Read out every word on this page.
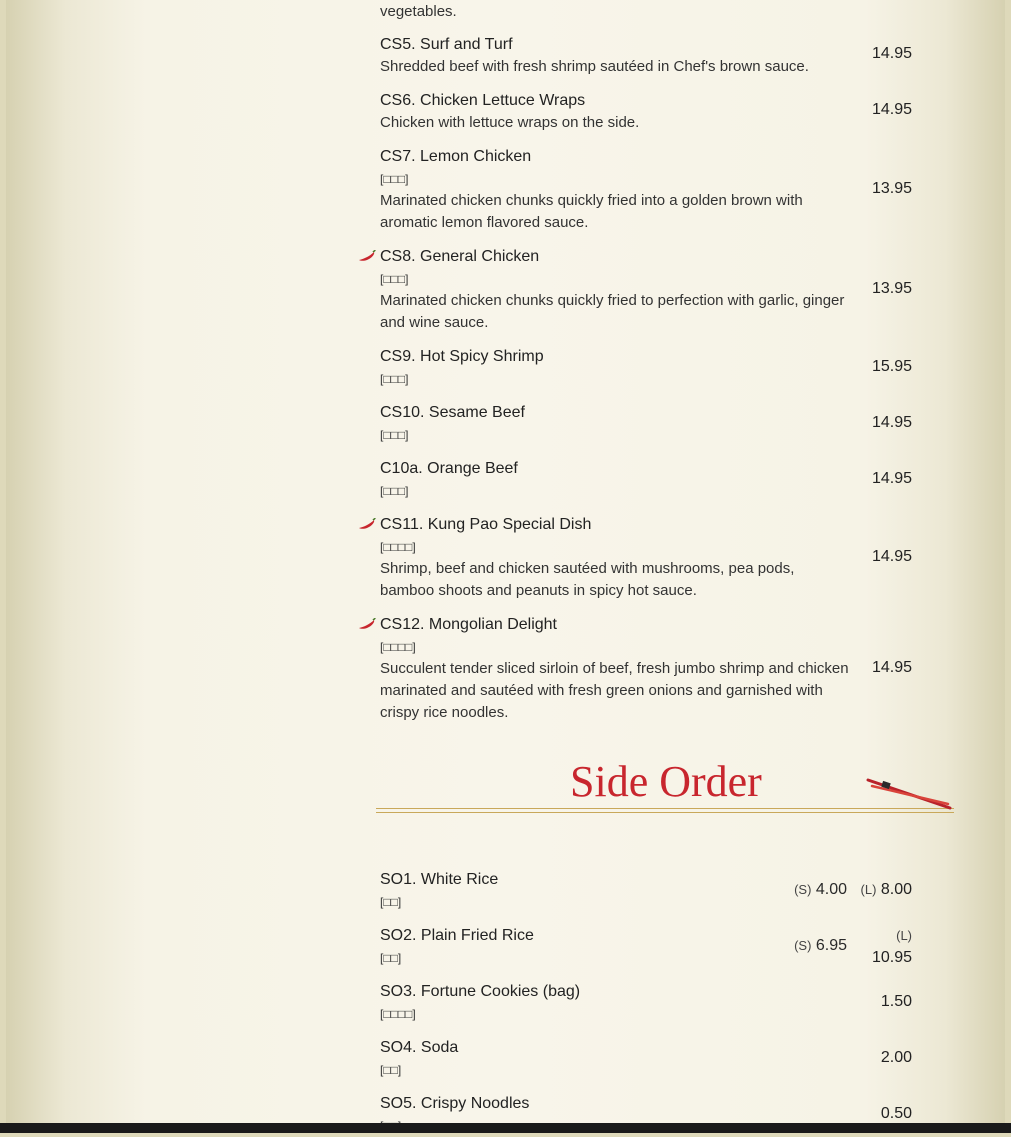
vegetables.
CS5. Surf and Turf
Shredded beef with fresh shrimp sautéed in Chef's brown sauce.
14.95
CS6. Chicken Lettuce Wraps
Chicken with lettuce wraps on the side.
14.95
CS7. Lemon Chicken
[□□□]
Marinated chicken chunks quickly fried into a golden brown with aromatic lemon flavored sauce.
13.95
CS8. General Chicken
[□□□]
Marinated chicken chunks quickly fried to perfection with garlic, ginger and wine sauce.
13.95
CS9. Hot Spicy Shrimp
[□□□]
15.95
CS10. Sesame Beef
[□□□]
14.95
C10a. Orange Beef
[□□□]
14.95
CS11. Kung Pao Special Dish
[□□□□]
Shrimp, beef and chicken sautéed with mushrooms, pea pods, bamboo shoots and peanuts in spicy hot sauce.
14.95
CS12. Mongolian Delight
[□□□□]
Succulent tender sliced sirloin of beef, fresh jumbo shrimp and chicken marinated and sautéed with fresh green onions and garnished with crispy rice noodles.
14.95
Side Order
SO1. White Rice
[□□]
(S) 4.00 (L) 8.00
SO2. Plain Fried Rice
[□□]
(S) 6.95
(L)
10.95
SO3. Fortune Cookies (bag)
[□□□□]
1.50
SO4. Soda
[□□]
2.00
SO5. Crispy Noodles
0.50
